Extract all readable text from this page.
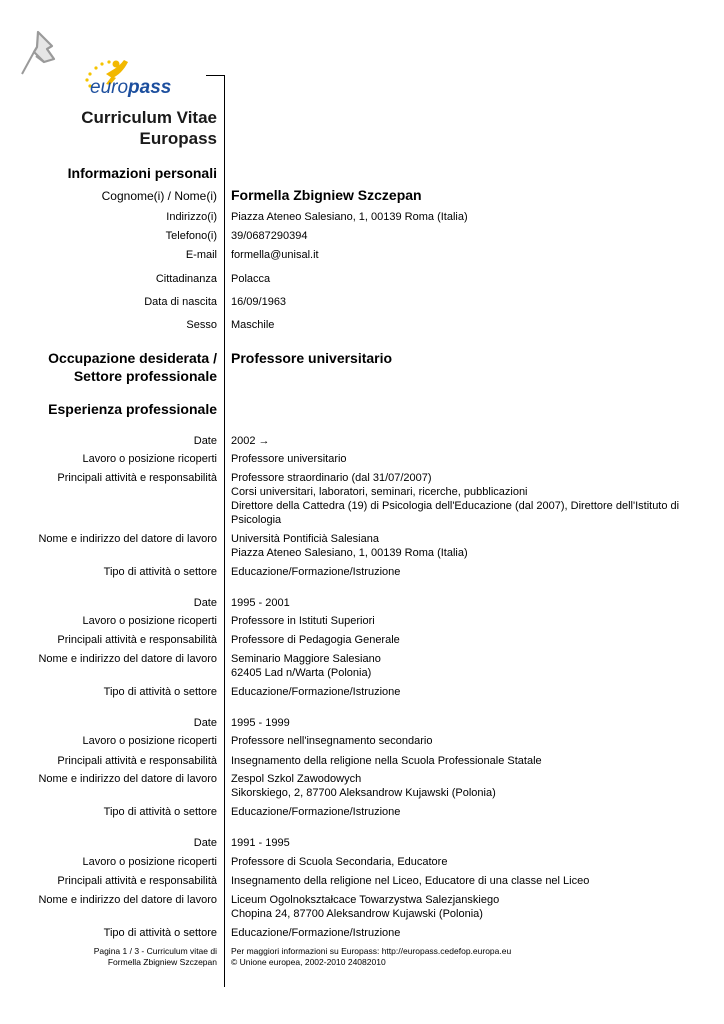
europass
Curriculum Vitae
Europass
Informazioni personali
Cognome(i) / Nome(i) Formella Zbigniew Szczepan
Indirizzo(i) Piazza Ateneo Salesiano, 1, 00139 Roma (Italia)
Telefono(i) 39/0687290394
E-mail formella@unisal.it
Cittadinanza Polacca
Data di nascita 16/09/1963
Sesso Maschile
Occupazione desiderata /
Settore professionale
Professore universitario
Esperienza professionale
Date 2002 →
Lavoro o posizione ricoperti Professore universitario
Principali attività e responsabilità Professore straordinario (dal 31/07/2007)
Corsi universitari, laboratori, seminari, ricerche, pubblicazioni
Direttore della Cattedra (19) di Psicologia dell'Educazione (dal 2007), Direttore dell'Istituto di
Psicologia
Nome e indirizzo del datore di lavoro Università Pontificià Salesiana
Piazza Ateneo Salesiano, 1, 00139 Roma (Italia)
Tipo di attività o settore Educazione/Formazione/Istruzione
Date 1995 - 2001
Lavoro o posizione ricoperti Professore in Istituti Superiori
Principali attività e responsabilità Professore di Pedagogia Generale
Nome e indirizzo del datore di lavoro Seminario Maggiore Salesiano
62405 Lad n/Warta (Polonia)
Tipo di attività o settore Educazione/Formazione/Istruzione
Date 1995 - 1999
Lavoro o posizione ricoperti Professore nell'insegnamento secondario
Principali attività e responsabilità Insegnamento della religione nella Scuola Professionale Statale
Nome e indirizzo del datore di lavoro Zespol Szkol Zawodowych
Sikorskiego, 2, 87700 Aleksandrow Kujawski (Polonia)
Tipo di attività o settore Educazione/Formazione/Istruzione
Date 1991 - 1995
Lavoro o posizione ricoperti Professore di Scuola Secondaria, Educatore
Principali attività e responsabilità Insegnamento della religione nel Liceo, Educatore di una classe nel Liceo
Nome e indirizzo del datore di lavoro Liceum Ogolnokształcace Towarzystwa Salezjanskiego
Chopina 24, 87700 Aleksandrow Kujawski (Polonia)
Tipo di attività o settore Educazione/Formazione/Istruzione
Pagina 1 / 3 - Curriculum vitae di
Formella Zbigniew Szczepan
Per maggiori informazioni su Europass: http://europass.cedefop.europa.eu
© Unione europea, 2002-2010 24082010
